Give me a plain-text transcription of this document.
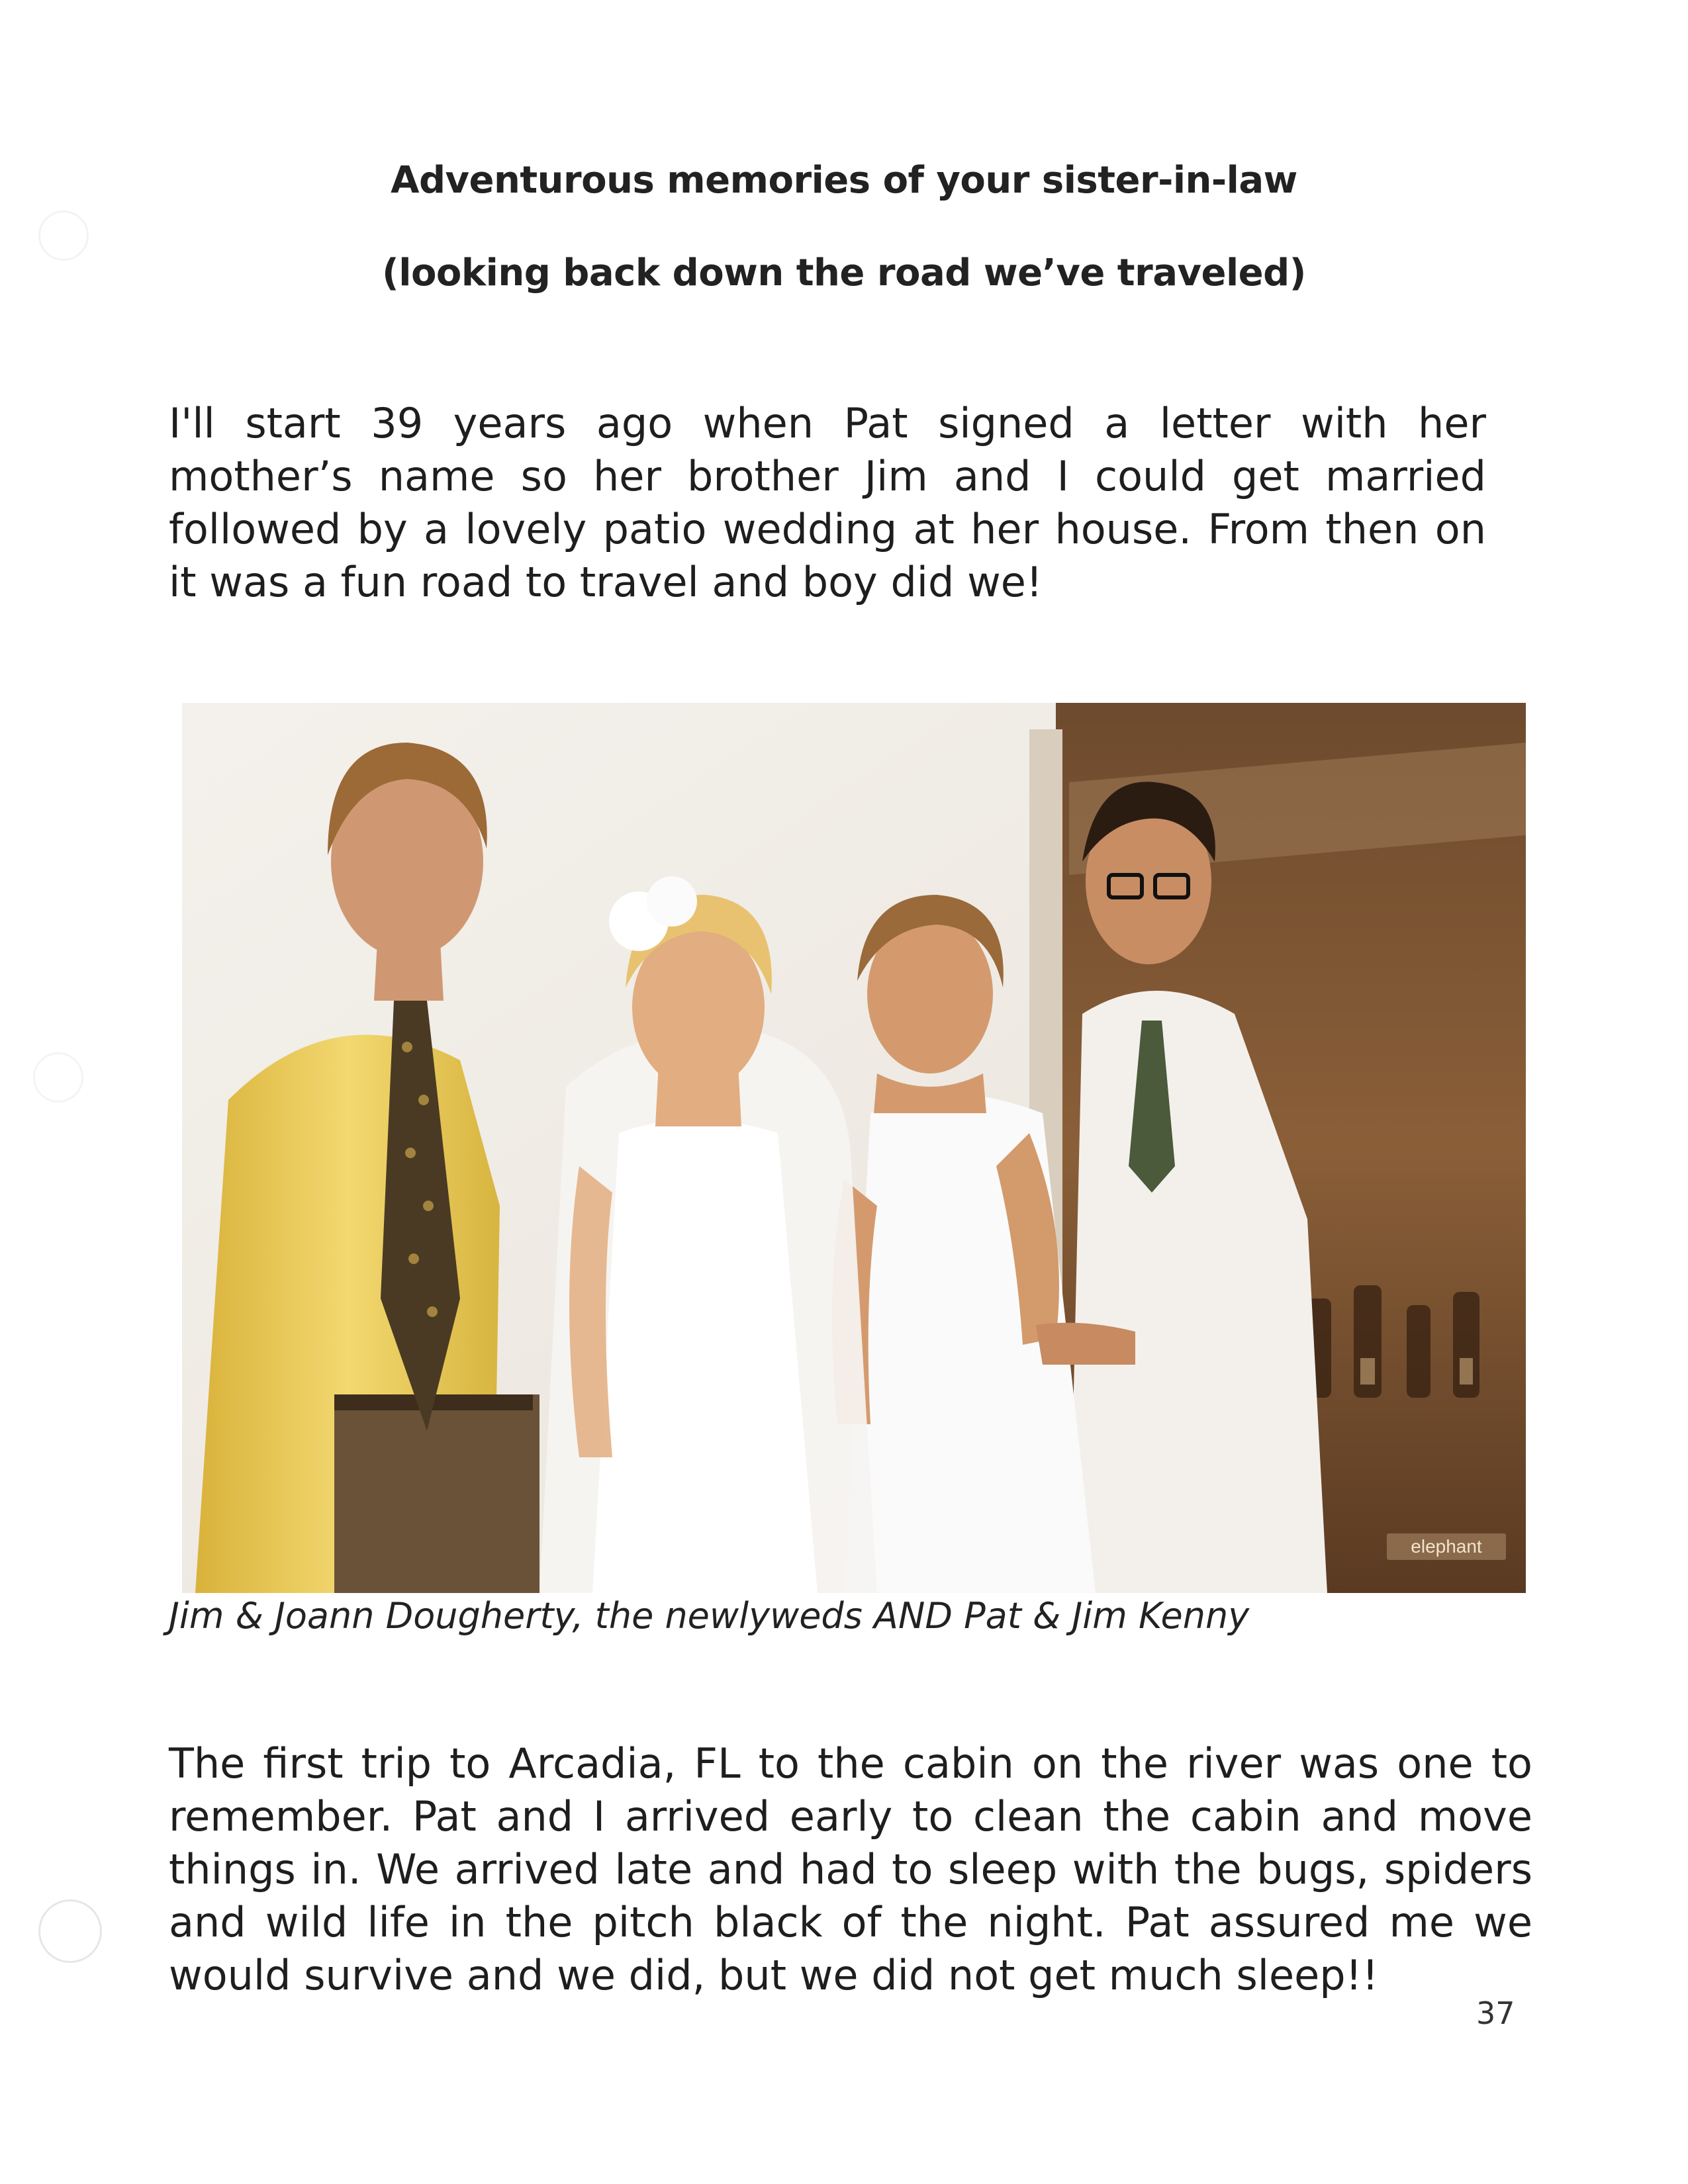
Adventurous memories of your sister-in-law
(looking back down the road we’ve traveled)

I'll start 39 years ago when Pat signed a letter with her mother’s name so her brother Jim and I could get married followed by a lovely patio wedding at her house. From then on it was a fun road to travel and boy did we!

elephant

Jim & Joann Dougherty, the newlyweds AND Pat & Jim Kenny

The first trip to Arcadia, FL to the cabin on the river was one to remember. Pat and I arrived early to clean the cabin and move things in. We arrived late and had to sleep with the bugs, spiders and wild life in the pitch black of the night. Pat assured me we would survive and we did, but we did not get much sleep!!

37
